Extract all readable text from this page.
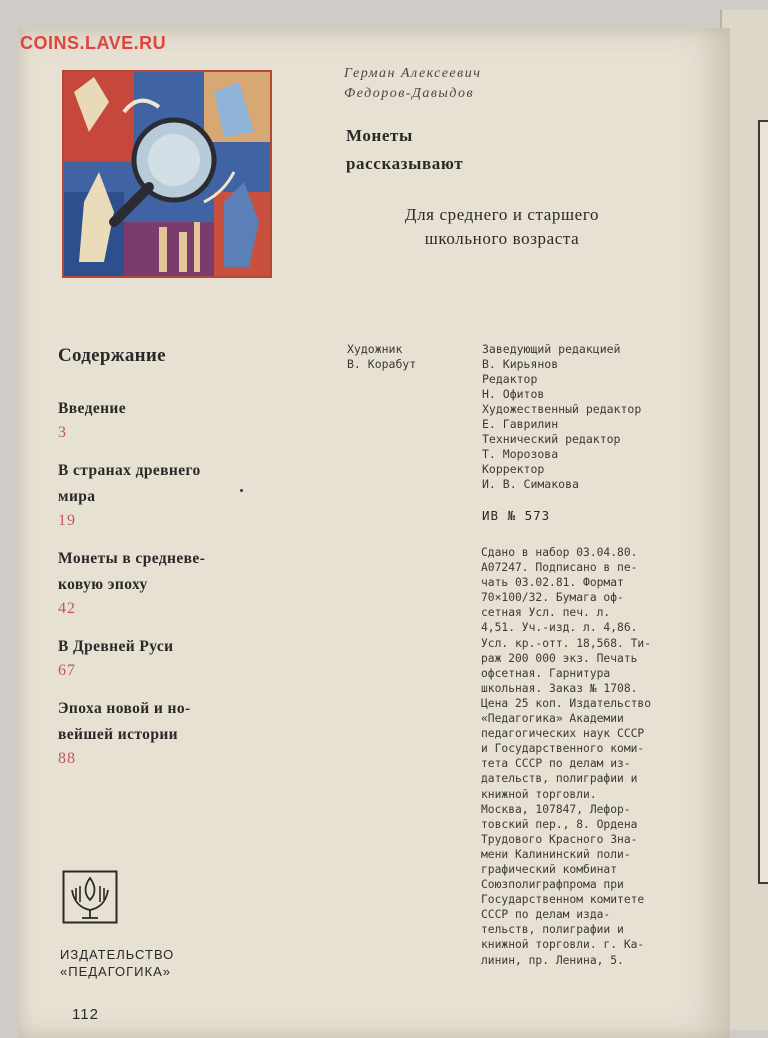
COINS.LAVE.RU
Герман Алексеевич
Федоров-Давыдов
Монеты
рассказывают
Для среднего и старшего
школьного возраста
Содержание
Введение
3
В странах древнего
мира
19
Монеты в средневе-
ковую эпоху
42
В Древней Руси
67
Эпоха новой и но-
вейшей истории
88
Художник
В. Корабут
Заведующий редакцией
В. Кирьянов
Редактор
Н. Офитов
Художественный редактор
Е. Гаврилин
Технический редактор
Т. Морозова
Корректор
И. В. Симакова
ИВ № 573
Сдано в набор 03.04.80.
А07247. Подписано в пе-
чать 03.02.81. Формат
70×100/32. Бумага оф-
сетная Усл. печ. л.
4,51. Уч.-изд. л. 4,86.
Усл. кр.-отт. 18,568. Ти-
раж 200 000 экз. Печать
офсетная. Гарнитура
школьная. Заказ № 1708.
Цена 25 коп. Издательство
«Педагогика» Академии
педагогических наук СССР
и Государственного коми-
тета СССР по делам из-
дательств, полиграфии и
книжной торговли.
Москва, 107847, Лефор-
товский пер., 8. Ордена
Трудового Красного Зна-
мени Калининский поли-
графический комбинат
Союзполиграфпрома при
Государственном комитете
СССР по делам изда-
тельств, полиграфии и
книжной торговли. г. Ка-
линин, пр. Ленина, 5.
ИЗДАТЕЛЬСТВО
«ПЕДАГОГИКА»
112
